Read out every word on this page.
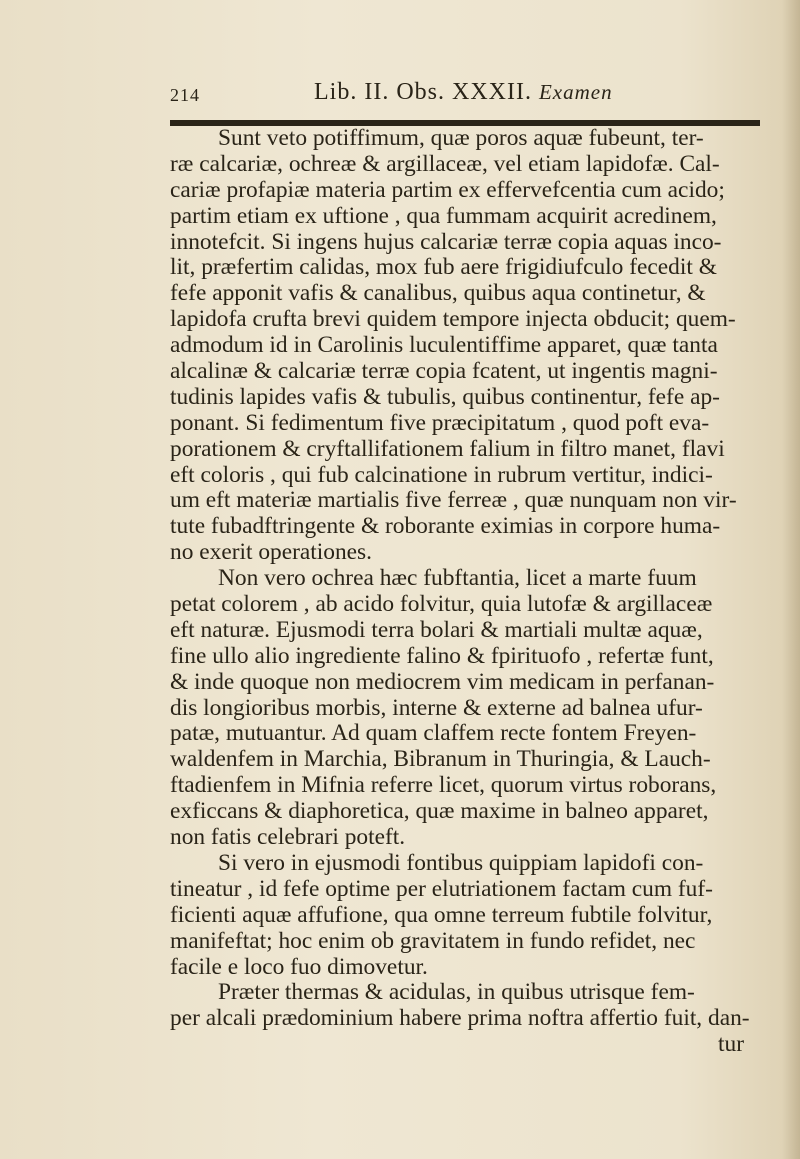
214	Lib. II. Obs. XXXII. Examen
Sunt veto potiffimum, quæ poros aquæ fubeunt, ter-
ræ calcariæ, ochreæ & argillaceæ, vel etiam lapidofæ. Cal-
cariæ profapiæ materia partim ex effervefcentia cum acido;
partim etiam ex uftione , qua fummam acquirit acredinem,
innotefcit. Si ingens hujus calcariæ terræ copia aquas inco-
lit, præfertim calidas, mox fub aere frigidiufculo fecedit &
fefe apponit vafis & canalibus, quibus aqua continetur, &
lapidofa crufta brevi quidem tempore injecta obducit; quem-
admodum id in Carolinis luculentiffime apparet, quæ tanta
alcalinæ & calcariæ terræ copia fcatent, ut ingentis magni-
tudinis lapides vafis & tubulis, quibus continentur, fefe ap-
ponant. Si fedimentum five præcipitatum , quod poft eva-
porationem & cryftallifationem falium in filtro manet, flavi
eft coloris , qui fub calcinatione in rubrum vertitur, indici-
um eft materiæ martialis five ferreæ , quæ nunquam non vir-
tute fubadftringente & roborante eximias in corpore huma-
no exerit operationes.
Non vero ochrea hæc fubftantia, licet a marte fuum
petat colorem , ab acido folvitur, quia lutofæ & argillaceæ
eft naturæ. Ejusmodi terra bolari & martiali multæ aquæ,
fine ullo alio ingrediente falino & fpirituofo , refertæ funt,
& inde quoque non mediocrem vim medicam in perfanan-
dis longioribus morbis, interne & externe ad balnea ufur-
patæ, mutuantur. Ad quam claffem recte fontem Freyen-
waldenfem in Marchia, Bibranum in Thuringia, & Lauch-
ftadienfem in Mifnia referre licet, quorum virtus roborans,
exficcans & diaphoretica, quæ maxime in balneo apparet,
non fatis celebrari poteft.
Si vero in ejusmodi fontibus quippiam lapidofi con-
tineatur , id fefe optime per elutriationem factam cum fuf-
ficienti aquæ affufione, qua omne terreum fubtile folvitur,
manifeftat; hoc enim ob gravitatem in fundo refidet, nec
facile e loco fuo dimovetur.
Præter thermas & acidulas, in quibus utrisque fem-
per alcali prædominium habere prima noftra affertio fuit, dan-
tur
